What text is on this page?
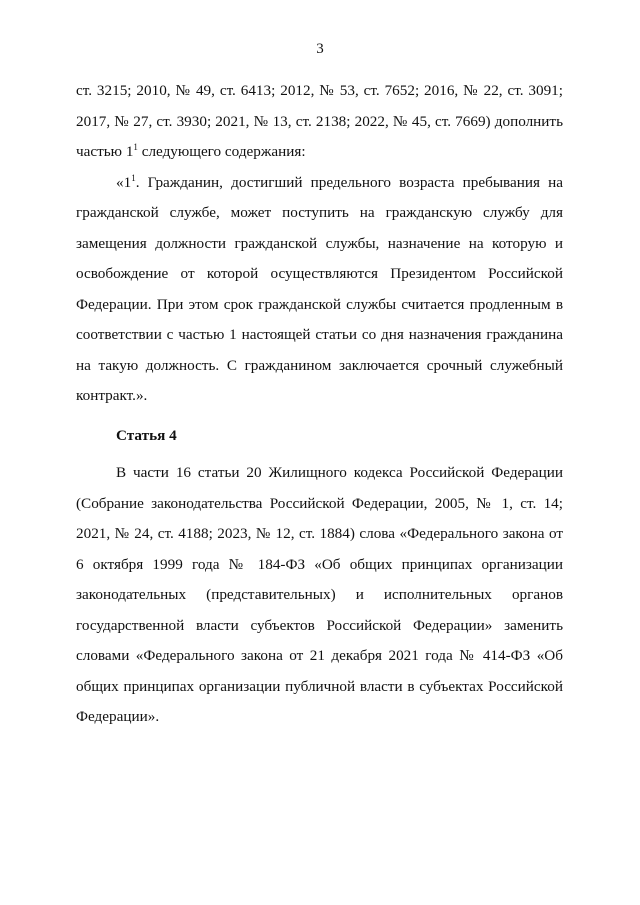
3

ст. 3215; 2010, № 49, ст. 6413; 2012, № 53, ст. 7652; 2016, № 22, ст. 3091; 2017, № 27, ст. 3930; 2021, № 13, ст. 2138; 2022, № 45, ст. 7669) дополнить частью $1^1$ следующего содержания:

«$1^1$. Гражданин, достигший предельного возраста пребывания на гражданской службе, может поступить на гражданскую службу для замещения должности гражданской службы, назначение на которую и освобождение от которой осуществляются Президентом Российской Федерации. При этом срок гражданской службы считается продленным в соответствии с частью 1 настоящей статьи со дня назначения гражданина на такую должность. С гражданином заключается срочный служебный контракт.».

Статья 4

В части 16 статьи 20 Жилищного кодекса Российской Федерации (Собрание законодательства Российской Федерации, 2005, № 1, ст. 14; 2021, № 24, ст. 4188; 2023, № 12, ст. 1884) слова «Федерального закона от 6 октября 1999 года № 184-ФЗ «Об общих принципах организации законодательных (представительных) и исполнительных органов государственной власти субъектов Российской Федерации» заменить словами «Федерального закона от 21 декабря 2021 года № 414-ФЗ «Об общих принципах организации публичной власти в субъектах Российской Федерации».
